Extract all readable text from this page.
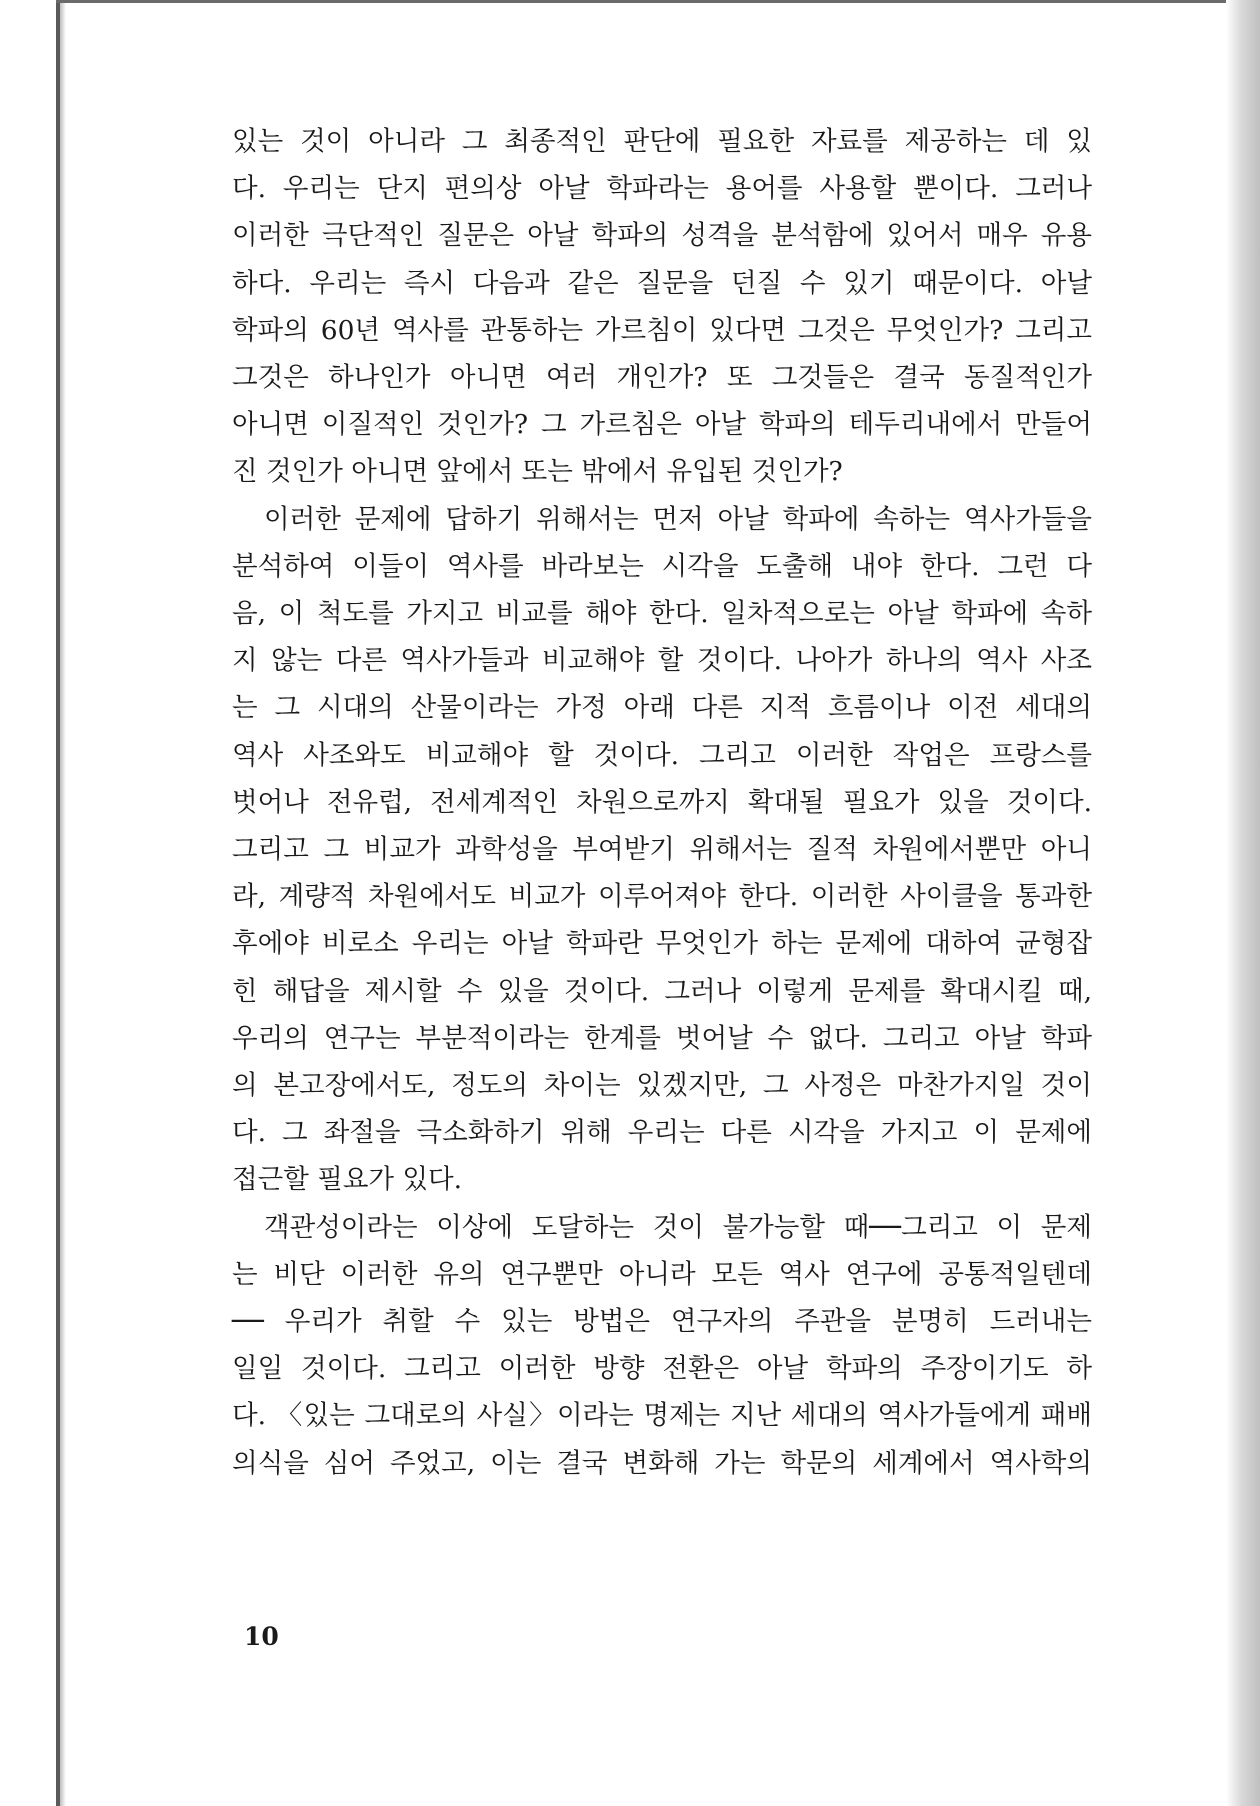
있는 것이 아니라 그 최종적인 판단에 필요한 자료를 제공하는 데 있

다. 우리는 단지 편의상 아날 학파라는 용어를 사용할 뿐이다. 그러나

이러한 극단적인 질문은 아날 학파의 성격을 분석함에 있어서 매우 유용

하다. 우리는 즉시 다음과 같은 질문을 던질 수 있기 때문이다. 아날

학파의 60년 역사를 관통하는 가르침이 있다면 그것은 무엇인가? 그리고

그것은 하나인가 아니면 여러 개인가? 또 그것들은 결국 동질적인가

아니면 이질적인 것인가? 그 가르침은 아날 학파의 테두리내에서 만들어

진 것인가 아니면 앞에서 또는 밖에서 유입된 것인가?

이러한 문제에 답하기 위해서는 먼저 아날 학파에 속하는 역사가들을

분석하여 이들이 역사를 바라보는 시각을 도출해 내야 한다. 그런 다

음, 이 척도를 가지고 비교를 해야 한다. 일차적으로는 아날 학파에 속하

지 않는 다른 역사가들과 비교해야 할 것이다. 나아가 하나의 역사 사조

는 그 시대의 산물이라는 가정 아래 다른 지적 흐름이나 이전 세대의

역사 사조와도 비교해야 할 것이다. 그리고 이러한 작업은 프랑스를

벗어나 전유럽, 전세계적인 차원으로까지 확대될 필요가 있을 것이다.

그리고 그 비교가 과학성을 부여받기 위해서는 질적 차원에서뿐만 아니

라, 계량적 차원에서도 비교가 이루어져야 한다. 이러한 사이클을 통과한

후에야 비로소 우리는 아날 학파란 무엇인가 하는 문제에 대하여 균형잡

힌 해답을 제시할 수 있을 것이다. 그러나 이렇게 문제를 확대시킬 때,

우리의 연구는 부분적이라는 한계를 벗어날 수 없다. 그리고 아날 학파

의 본고장에서도, 정도의 차이는 있겠지만, 그 사정은 마찬가지일 것이

다. 그 좌절을 극소화하기 위해 우리는 다른 시각을 가지고 이 문제에

접근할 필요가 있다.

객관성이라는 이상에 도달하는 것이 불가능할 때──그리고 이 문제

는 비단 이러한 유의 연구뿐만 아니라 모든 역사 연구에 공통적일텐데

── 우리가 취할 수 있는 방법은 연구자의 주관을 분명히 드러내는

일일 것이다. 그리고 이러한 방향 전환은 아날 학파의 주장이기도 하

다. 〈있는 그대로의 사실〉이라는 명제는 지난 세대의 역사가들에게 패배

의식을 심어 주었고, 이는 결국 변화해 가는 학문의 세계에서 역사학의

10
